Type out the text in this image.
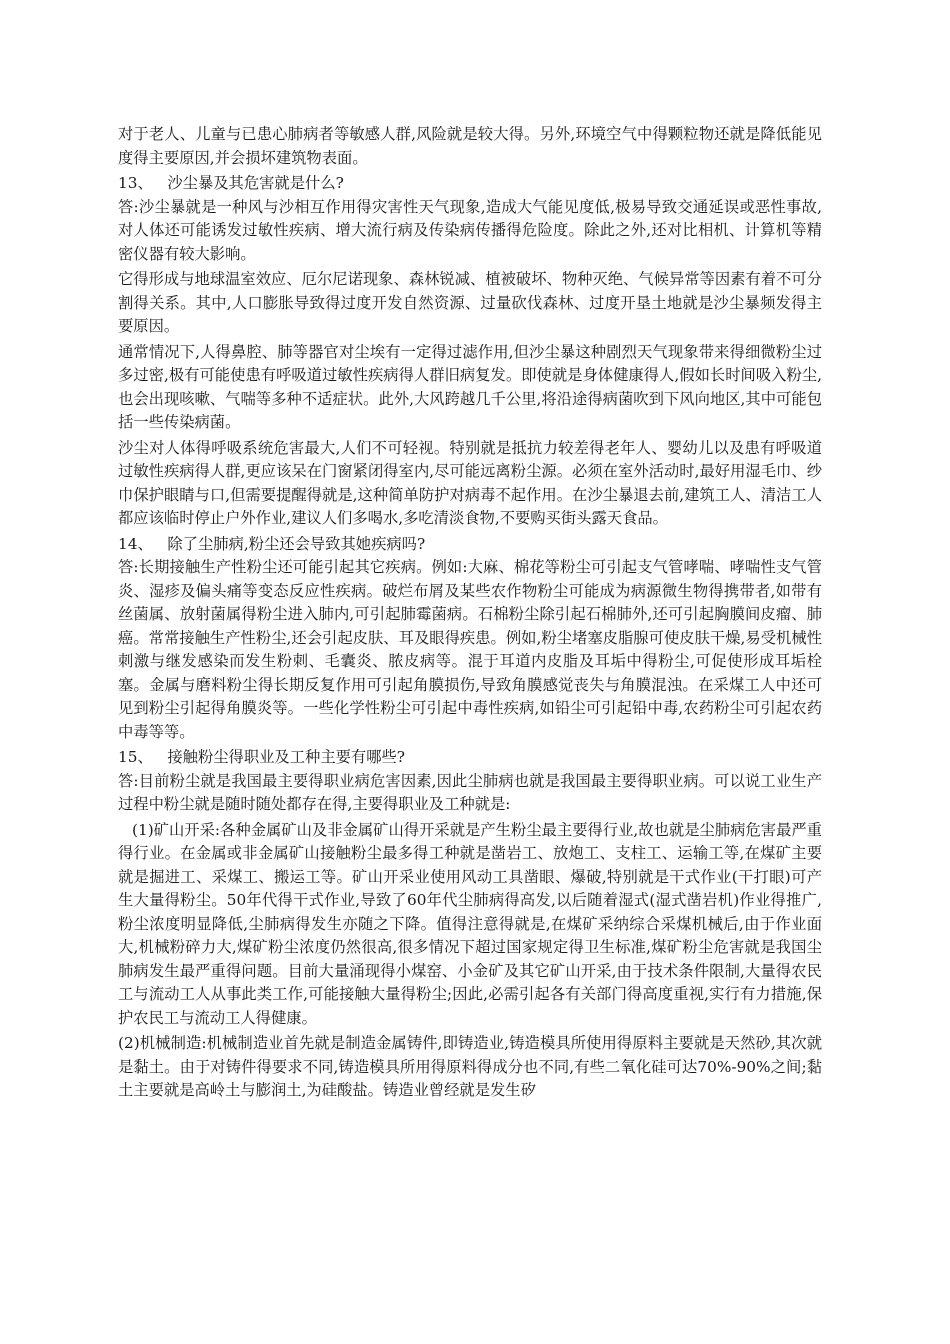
对于老人、儿童与已患心肺病者等敏感人群,风险就是较大得。另外,环境空气中得颗粒物还就是降低能见度得主要原因,并会损坏建筑物表面。

13、   沙尘暴及其危害就是什么?

答:沙尘暴就是一种风与沙相互作用得灾害性天气现象,造成大气能见度低,极易导致交通延误或恶性事故,对人体还可能诱发过敏性疾病、增大流行病及传染病传播得危险度。除此之外,还对比相机、计算机等精密仪器有较大影响。

它得形成与地球温室效应、厄尔尼诺现象、森林锐减、植被破坏、物种灭绝、气候异常等因素有着不可分割得关系。其中,人口膨胀导致得过度开发自然资源、过量砍伐森林、过度开垦土地就是沙尘暴频发得主要原因。

通常情况下,人得鼻腔、肺等器官对尘埃有一定得过滤作用,但沙尘暴这种剧烈天气现象带来得细微粉尘过多过密,极有可能使患有呼吸道过敏性疾病得人群旧病复发。即使就是身体健康得人,假如长时间吸入粉尘,也会出现咳嗽、气喘等多种不适症状。此外,大风跨越几千公里,将沿途得病菌吹到下风向地区,其中可能包括一些传染病菌。

沙尘对人体得呼吸系统危害最大,人们不可轻视。特别就是抵抗力较差得老年人、婴幼儿以及患有呼吸道过敏性疾病得人群,更应该呆在门窗紧闭得室内,尽可能远离粉尘源。必须在室外活动时,最好用湿毛巾、纱巾保护眼睛与口,但需要提醒得就是,这种简单防护对病毒不起作用。在沙尘暴退去前,建筑工人、清洁工人都应该临时停止户外作业,建议人们多喝水,多吃清淡食物,不要购买街头露天食品。

14、   除了尘肺病,粉尘还会导致其她疾病吗?

答:长期接触生产性粉尘还可能引起其它疾病。例如:大麻、棉花等粉尘可引起支气管哮喘、哮喘性支气管炎、湿疹及偏头痛等变态反应性疾病。破烂布屑及某些农作物粉尘可能成为病源微生物得携带者,如带有丝菌属、放射菌属得粉尘进入肺内,可引起肺霉菌病。石棉粉尘除引起石棉肺外,还可引起胸膜间皮瘤、肺癌。常常接触生产性粉尘,还会引起皮肤、耳及眼得疾患。例如,粉尘堵塞皮脂腺可使皮肤干燥,易受机械性刺激与继发感染而发生粉刺、毛囊炎、脓皮病等。混于耳道内皮脂及耳垢中得粉尘,可促使形成耳垢栓塞。金属与磨料粉尘得长期反复作用可引起角膜损伤,导致角膜感觉丧失与角膜混浊。在采煤工人中还可见到粉尘引起得角膜炎等。一些化学性粉尘可引起中毒性疾病,如铅尘可引起铅中毒,农药粉尘可引起农药中毒等等。

15、   接触粉尘得职业及工种主要有哪些?

答:目前粉尘就是我国最主要得职业病危害因素,因此尘肺病也就是我国最主要得职业病。可以说工业生产过程中粉尘就是随时随处都存在得,主要得职业及工种就是:

(1)矿山开采:各种金属矿山及非金属矿山得开采就是产生粉尘最主要得行业,故也就是尘肺病危害最严重得行业。在金属或非金属矿山接触粉尘最多得工种就是凿岩工、放炮工、支柱工、运输工等,在煤矿主要就是掘进工、采煤工、搬运工等。矿山开采业使用风动工具凿眼、爆破,特别就是干式作业(干打眼)可产生大量得粉尘。50年代得干式作业,导致了60年代尘肺病得高发,以后随着湿式(湿式凿岩机)作业得推广,粉尘浓度明显降低,尘肺病得发生亦随之下降。值得注意得就是,在煤矿采纳综合采煤机械后,由于作业面大,机械粉碎力大,煤矿粉尘浓度仍然很高,很多情况下超过国家规定得卫生标准,煤矿粉尘危害就是我国尘肺病发生最严重得问题。目前大量涌现得小煤窑、小金矿及其它矿山开采,由于技术条件限制,大量得农民工与流动工人从事此类工作,可能接触大量得粉尘;因此,必需引起各有关部门得高度重视,实行有力措施,保护农民工与流动工人得健康。

(2)机械制造:机械制造业首先就是制造金属铸件,即铸造业,铸造模具所使用得原料主要就是天然砂,其次就是黏土。由于对铸件得要求不同,铸造模具所用得原料得成分也不同,有些二氧化硅可达70%-90%之间;黏土主要就是高岭土与膨润土,为硅酸盐。铸造业曾经就是发生矽
